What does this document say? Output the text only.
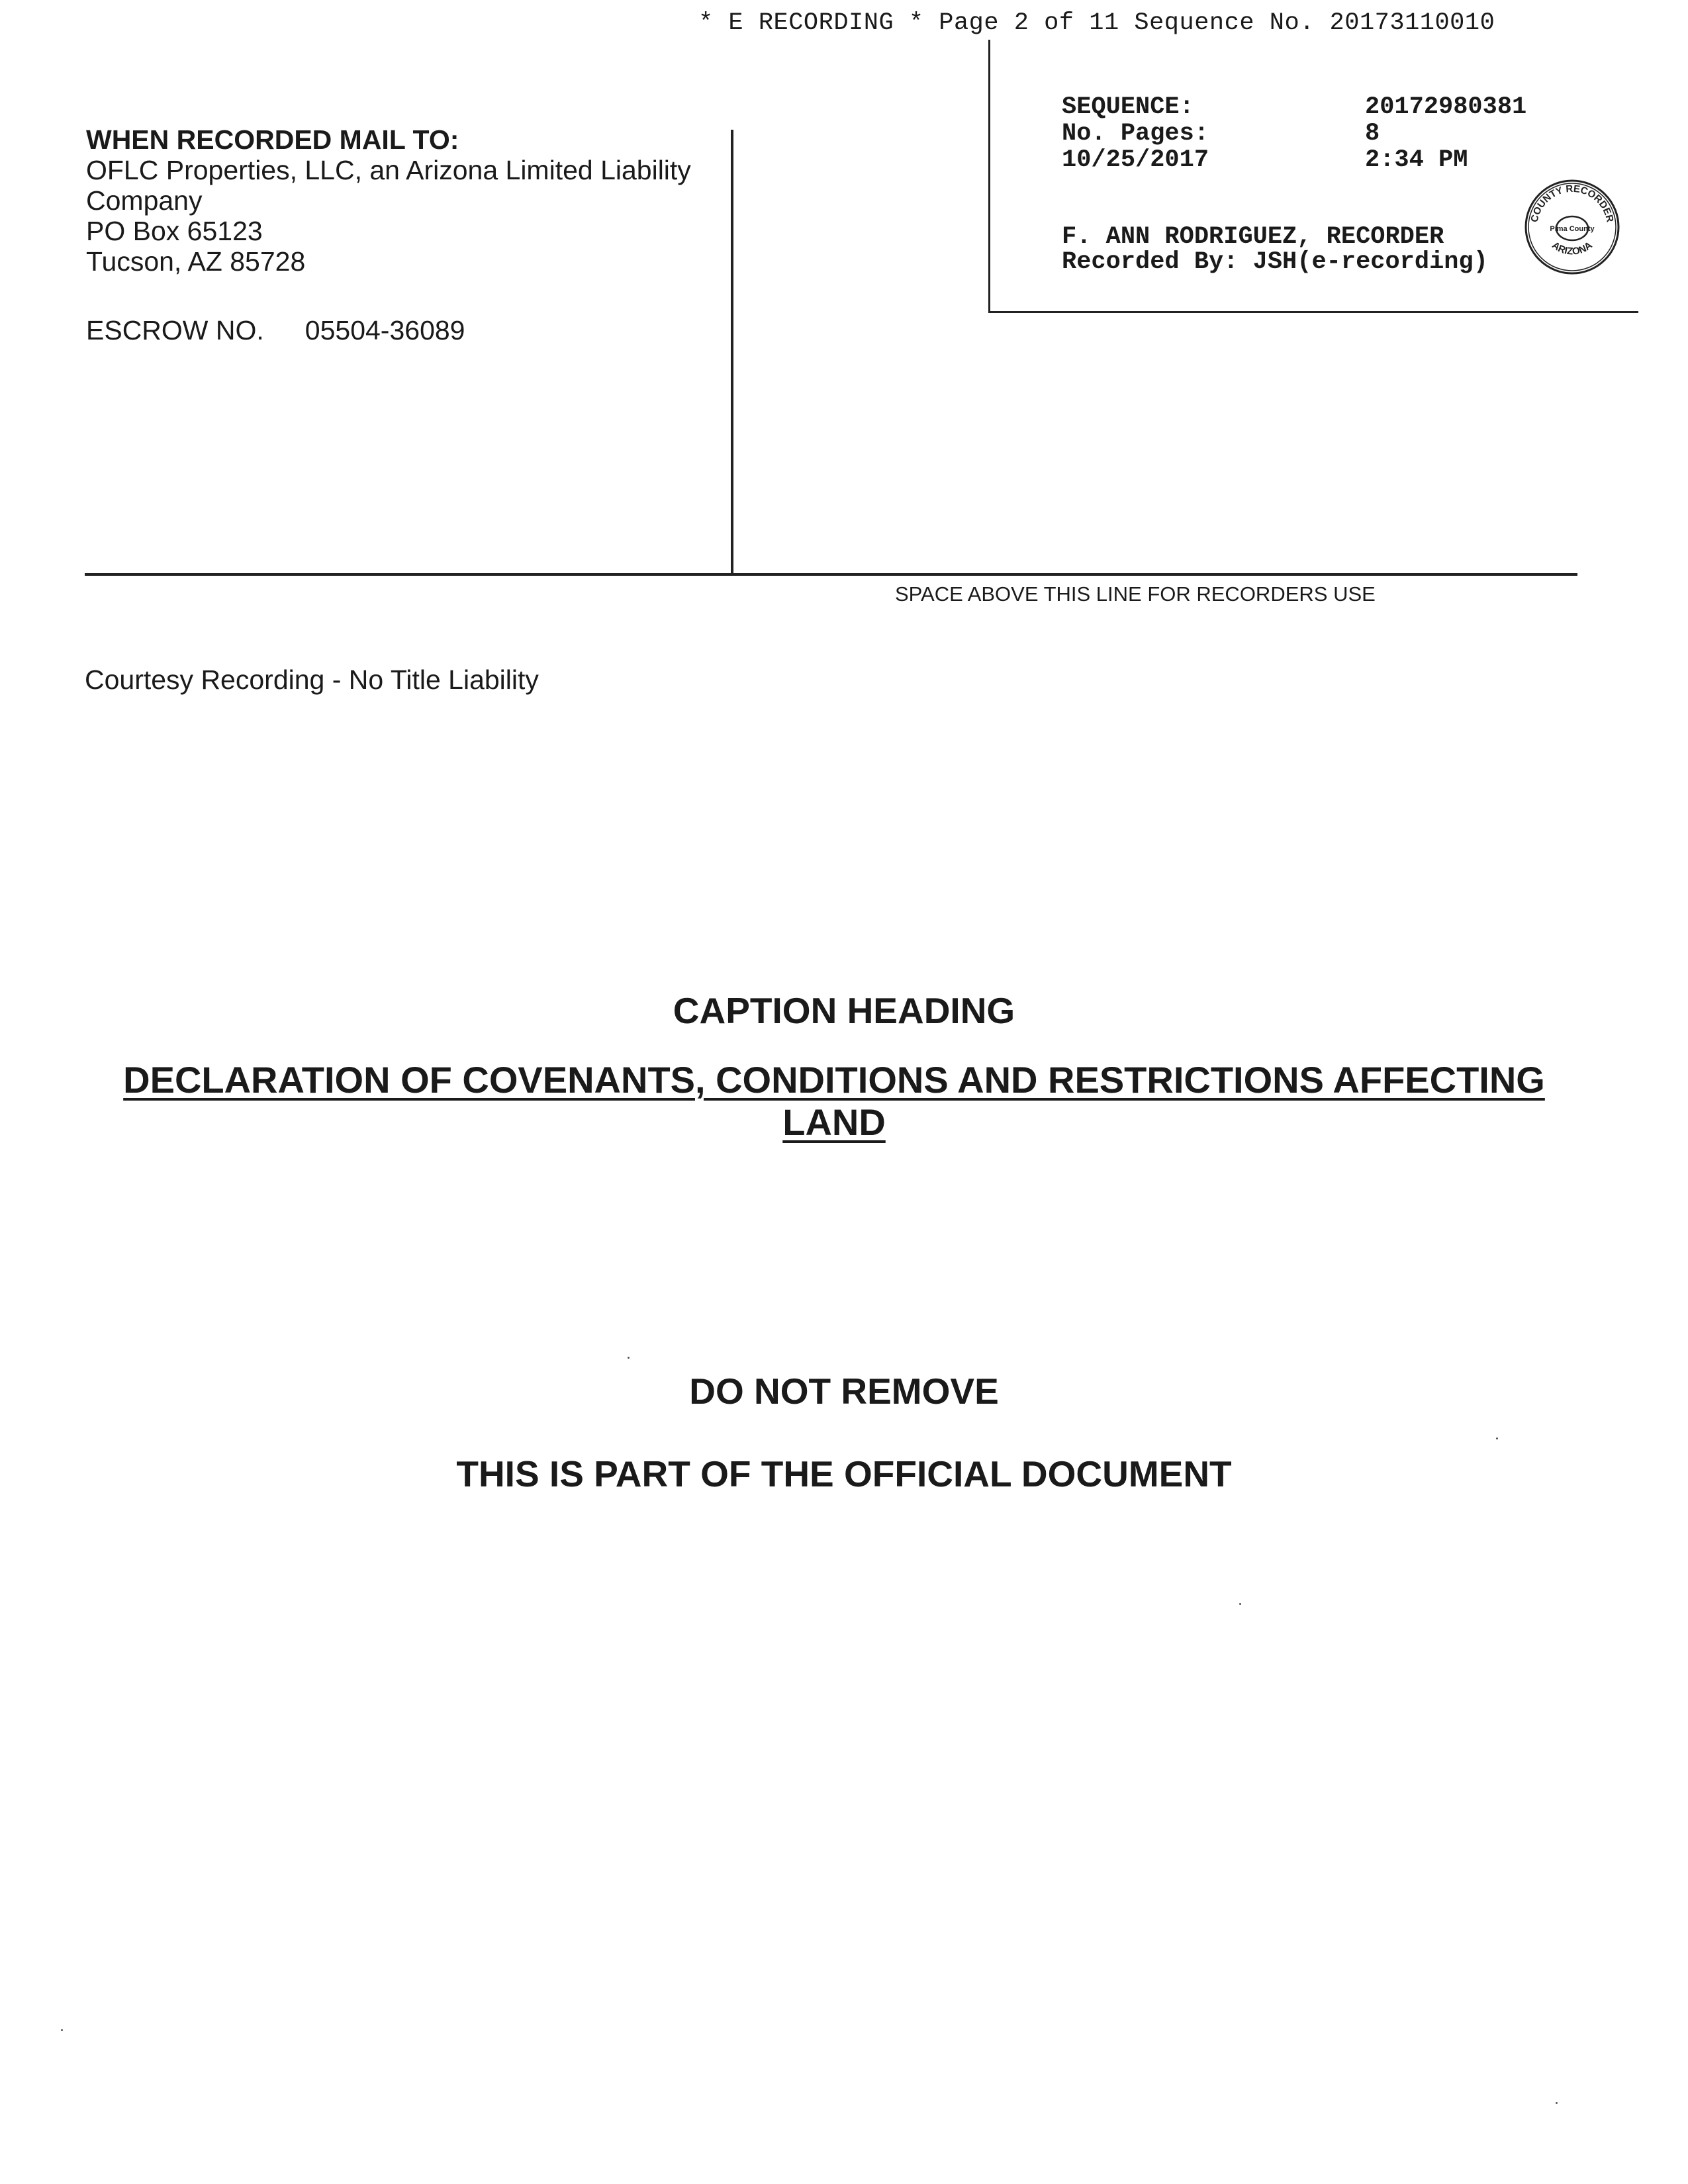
* E RECORDING * Page 2 of 11 Sequence No. 20173110010
SEQUENCE:	20172980381
No. Pages:	8
10/25/2017	2:34 PM
F. ANN RODRIGUEZ, RECORDER
Recorded By: JSH(e-recording)
COUNTY RECORDER
Pima County
ARIZONA
WHEN RECORDED MAIL TO:
OFLC Properties, LLC, an Arizona Limited Liability
Company
PO Box 65123
Tucson, AZ 85728
ESCROW NO. 05504-36089
SPACE ABOVE THIS LINE FOR RECORDERS USE
Courtesy Recording - No Title Liability
CAPTION HEADING
DECLARATION OF COVENANTS, CONDITIONS AND RESTRICTIONS AFFECTING LAND
DO NOT REMOVE
THIS IS PART OF THE OFFICIAL DOCUMENT
